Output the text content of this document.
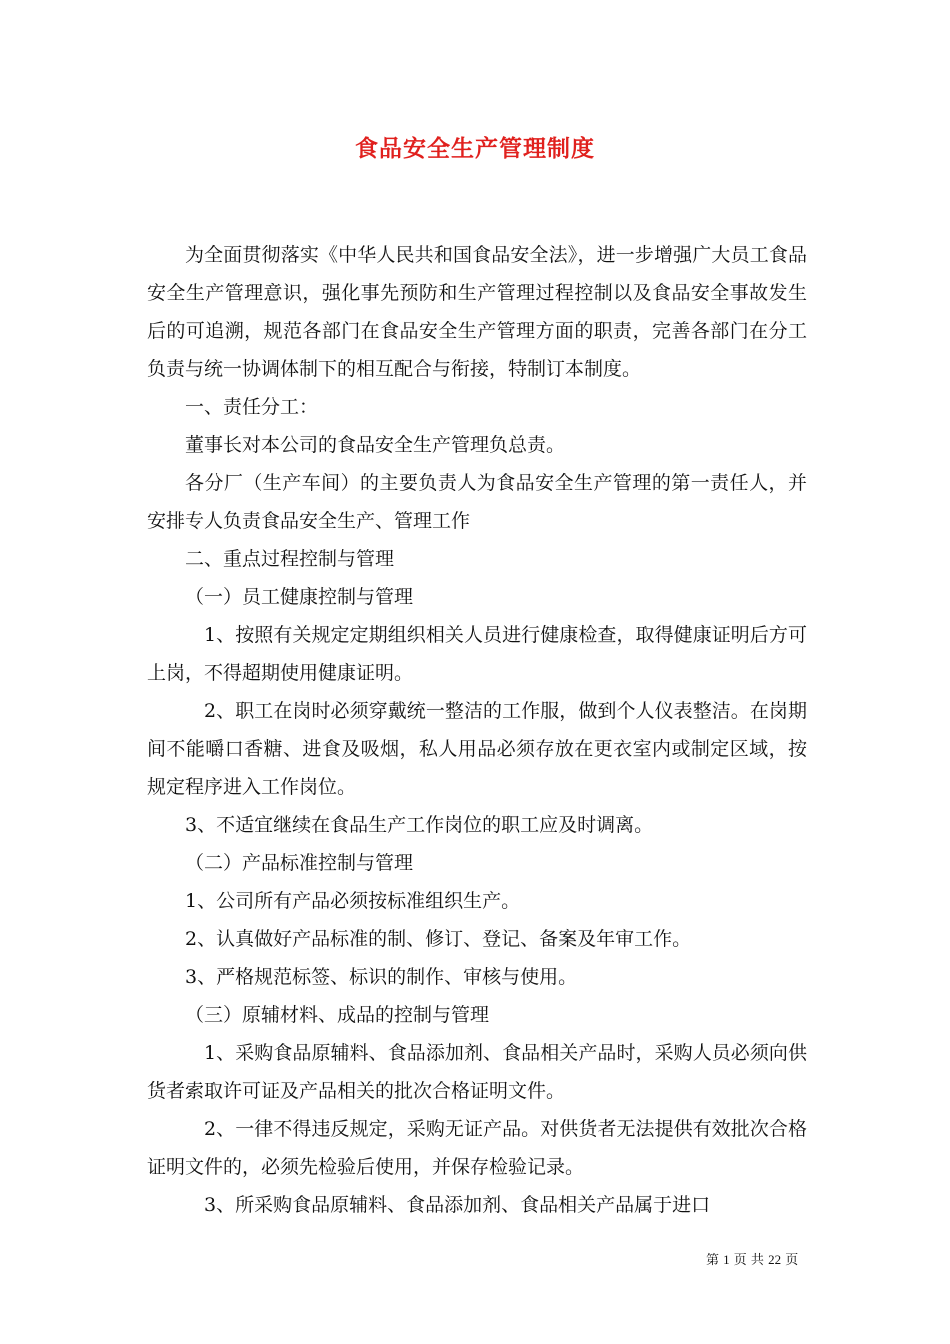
食品安全生产管理制度

为全面贯彻落实《中华人民共和国食品安全法》，进一步增强广大员工食品安全生产管理意识，强化事先预防和生产管理过程控制以及食品安全事故发生后的可追溯，规范各部门在食品安全生产管理方面的职责，完善各部门在分工负责与统一协调体制下的相互配合与衔接，特制订本制度。

一、责任分工：

董事长对本公司的食品安全生产管理负总责。

各分厂（生产车间）的主要负责人为食品安全生产管理的第一责任人，并安排专人负责食品安全生产、管理工作

二、重点过程控制与管理

（一）员工健康控制与管理

1、按照有关规定定期组织相关人员进行健康检查，取得健康证明后方可上岗，不得超期使用健康证明。

2、职工在岗时必须穿戴统一整洁的工作服，做到个人仪表整洁。在岗期间不能嚼口香糖、进食及吸烟，私人用品必须存放在更衣室内或制定区域，按规定程序进入工作岗位。

3、不适宜继续在食品生产工作岗位的职工应及时调离。

（二）产品标准控制与管理

1、公司所有产品必须按标准组织生产。

2、认真做好产品标准的制、修订、登记、备案及年审工作。

3、严格规范标签、标识的制作、审核与使用。

（三）原辅材料、成品的控制与管理

1、采购食品原辅料、食品添加剂、食品相关产品时，采购人员必须向供货者索取许可证及产品相关的批次合格证明文件。

2、一律不得违反规定，采购无证产品。对供货者无法提供有效批次合格证明文件的，必须先检验后使用，并保存检验记录。

3、所采购食品原辅料、食品添加剂、食品相关产品属于进口

第 1 页 共 22 页
